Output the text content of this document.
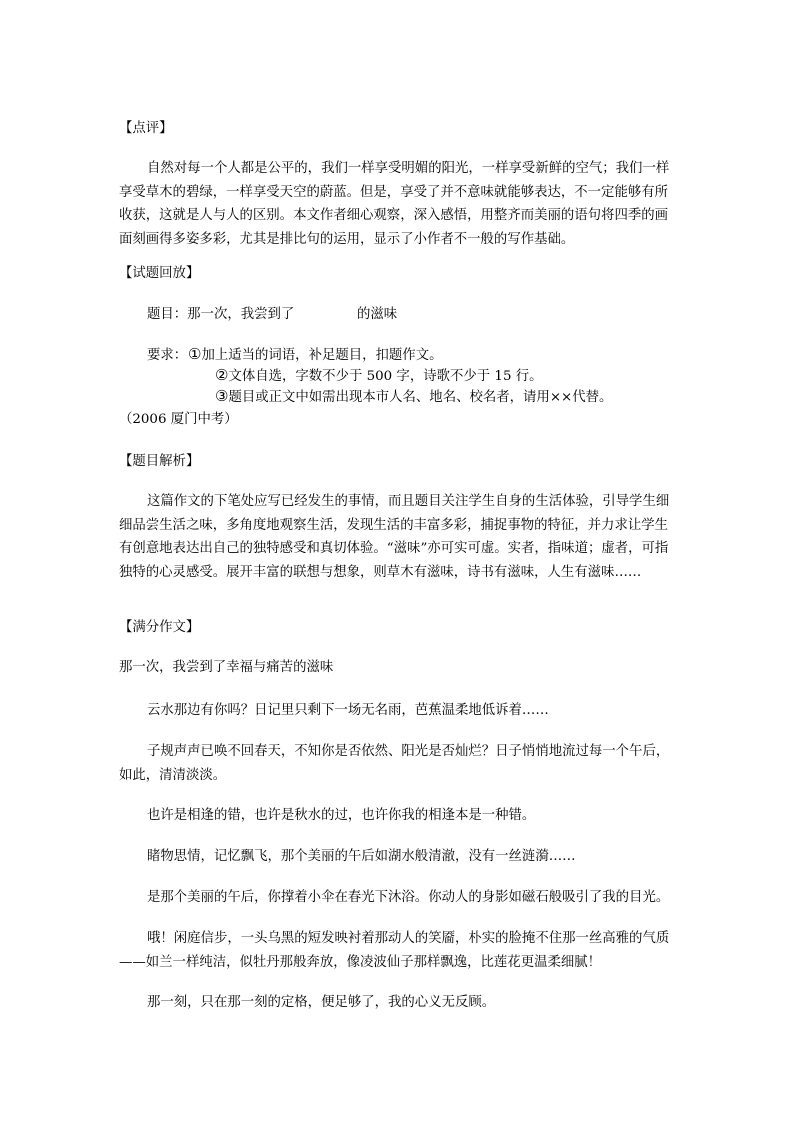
【点评】

自然对每一个人都是公平的，我们一样享受明媚的阳光，一样享受新鲜的空气；我们一样享受草木的碧绿，一样享受天空的蔚蓝。但是，享受了并不意味就能够表达，不一定能够有所收获，这就是人与人的区别。本文作者细心观察，深入感悟，用整齐而美丽的语句将四季的画面刻画得多姿多彩，尤其是排比句的运用，显示了小作者不一般的写作基础。

【试题回放】
题目：那一次，我尝到了	的滋味
要求： ①加上适当的词语，补足题目，扣题作文。
②文体自选，字数不少于 500 字，诗歌不少于 15 行。
③题目或正文中如需出现本市人名、地名、校名者，请用××代替。
（2006 厦门中考）
【题目解析】

这篇作文的下笔处应写已经发生的事情，而且题目关注学生自身的生活体验，引导学生细细品尝生活之味，多角度地观察生活，发现生活的丰富多彩，捕捉事物的特征，并力求让学生有创意地表达出自己的独特感受和真切体验。“滋味”亦可实可虚。实者，指味道；虚者，可指独特的心灵感受。展开丰富的联想与想象，则草木有滋味，诗书有滋味，人生有滋味……

【满分作文】
那一次，我尝到了幸福与痛苦的滋味

云水那边有你吗？日记里只剩下一场无名雨，芭蕉温柔地低诉着……

子规声声已唤不回春天，不知你是否依然、阳光是否灿烂？日子悄悄地流过每一个午后，如此，清清淡淡。

也许是相逢的错，也许是秋水的过，也许你我的相逢本是一种错。

睹物思情，记忆飘飞，那个美丽的午后如湖水般清澈，没有一丝涟漪……

是那个美丽的午后，你撑着小伞在春光下沐浴。你动人的身影如磁石般吸引了我的目光。

哦！闲庭信步，一头乌黑的短发映衬着那动人的笑靥，朴实的脸掩不住那一丝高雅的气质——如兰一样纯洁，似牡丹那般奔放，像凌波仙子那样飘逸，比莲花更温柔细腻！

那一刻，只在那一刻的定格，便足够了，我的心义无反顾。
